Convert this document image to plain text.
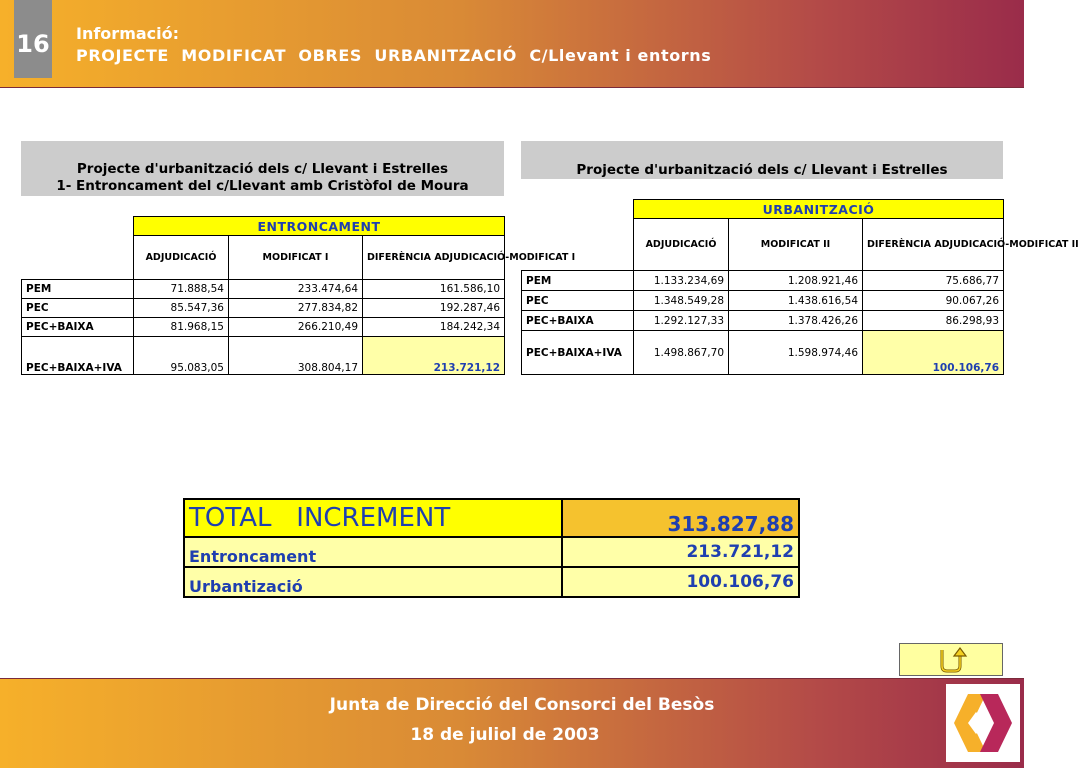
16 Informació:
PROJECTE  MODIFICAT  OBRES  URBANITZACIÓ  C/Llevant i entorns
Projecte d'urbanització dels c/ Llevant i Estrelles
1- Entroncament del c/Llevant amb Cristòfol de Moura
	ENTRONCAMENT		
	ADJUDICACIÓ	MODIFICAT I	DIFERÈNCIA ADJUDICACIÓ-MODIFICAT I
PEM	71.888,54	233.474,64	161.586,10
PEC	85.547,36	277.834,82	192.287,46
PEC+BAIXA	81.968,15	266.210,49	184.242,34
PEC+BAIXA+IVA	95.083,05	308.804,17	213.721,12
Projecte d'urbanització dels c/ Llevant i Estrelles
	URBANITZACIÓ		
	ADJUDICACIÓ	MODIFICAT II	DIFERÈNCIA ADJUDICACIÓ-MODIFICAT II
PEM	1.133.234,69	1.208.921,46	75.686,77
PEC	1.348.549,28	1.438.616,54	90.067,26
PEC+BAIXA	1.292.127,33	1.378.426,26	86.298,93
PEC+BAIXA+IVA	1.498.867,70	1.598.974,46	100.106,76
TOTAL   INCREMENT	313.827,88
Entroncament	213.721,12
Urbantizació	100.106,76
Junta de Direcció del Consorci del Besòs
18 de juliol de 2003
